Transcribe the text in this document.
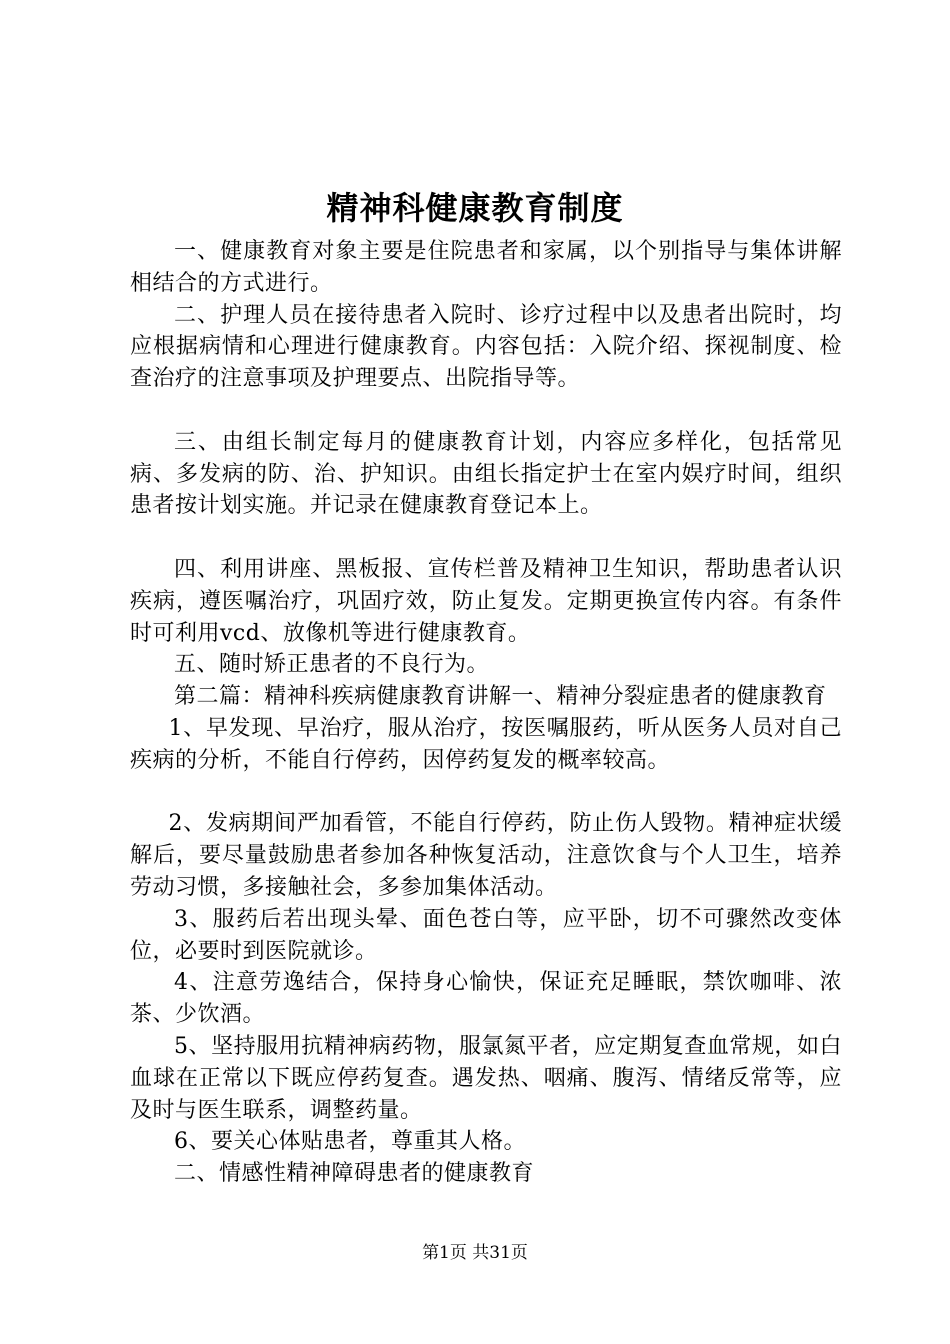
精神科健康教育制度

一、健康教育对象主要是住院患者和家属，以个别指导与集体讲解相结合的方式进行。

二、护理人员在接待患者入院时、诊疗过程中以及患者出院时，均应根据病情和心理进行健康教育。内容包括：入院介绍、探视制度、检查治疗的注意事项及护理要点、出院指导等。

三、由组长制定每月的健康教育计划，内容应多样化，包括常见病、多发病的防、治、护知识。由组长指定护士在室内娱疗时间，组织患者按计划实施。并记录在健康教育登记本上。

四、利用讲座、黑板报、宣传栏普及精神卫生知识，帮助患者认识疾病，遵医嘱治疗，巩固疗效，防止复发。定期更换宣传内容。有条件时可利用vcd、放像机等进行健康教育。

五、随时矫正患者的不良行为。

第二篇：精神科疾病健康教育讲解一、精神分裂症患者的健康教育

1、早发现、早治疗，服从治疗，按医嘱服药，听从医务人员对自己疾病的分析，不能自行停药，因停药复发的概率较高。

2、发病期间严加看管，不能自行停药，防止伤人毁物。精神症状缓解后，要尽量鼓励患者参加各种恢复活动，注意饮食与个人卫生，培养劳动习惯，多接触社会，多参加集体活动。

3、服药后若出现头晕、面色苍白等，应平卧，切不可骤然改变体位，必要时到医院就诊。

4、注意劳逸结合，保持身心愉快，保证充足睡眠，禁饮咖啡、浓茶、少饮酒。

5、坚持服用抗精神病药物，服氯氮平者，应定期复查血常规，如白血球在正常以下既应停药复查。遇发热、咽痛、腹泻、情绪反常等，应及时与医生联系，调整药量。

6、要关心体贴患者，尊重其人格。

二、情感性精神障碍患者的健康教育

第1页 共31页
